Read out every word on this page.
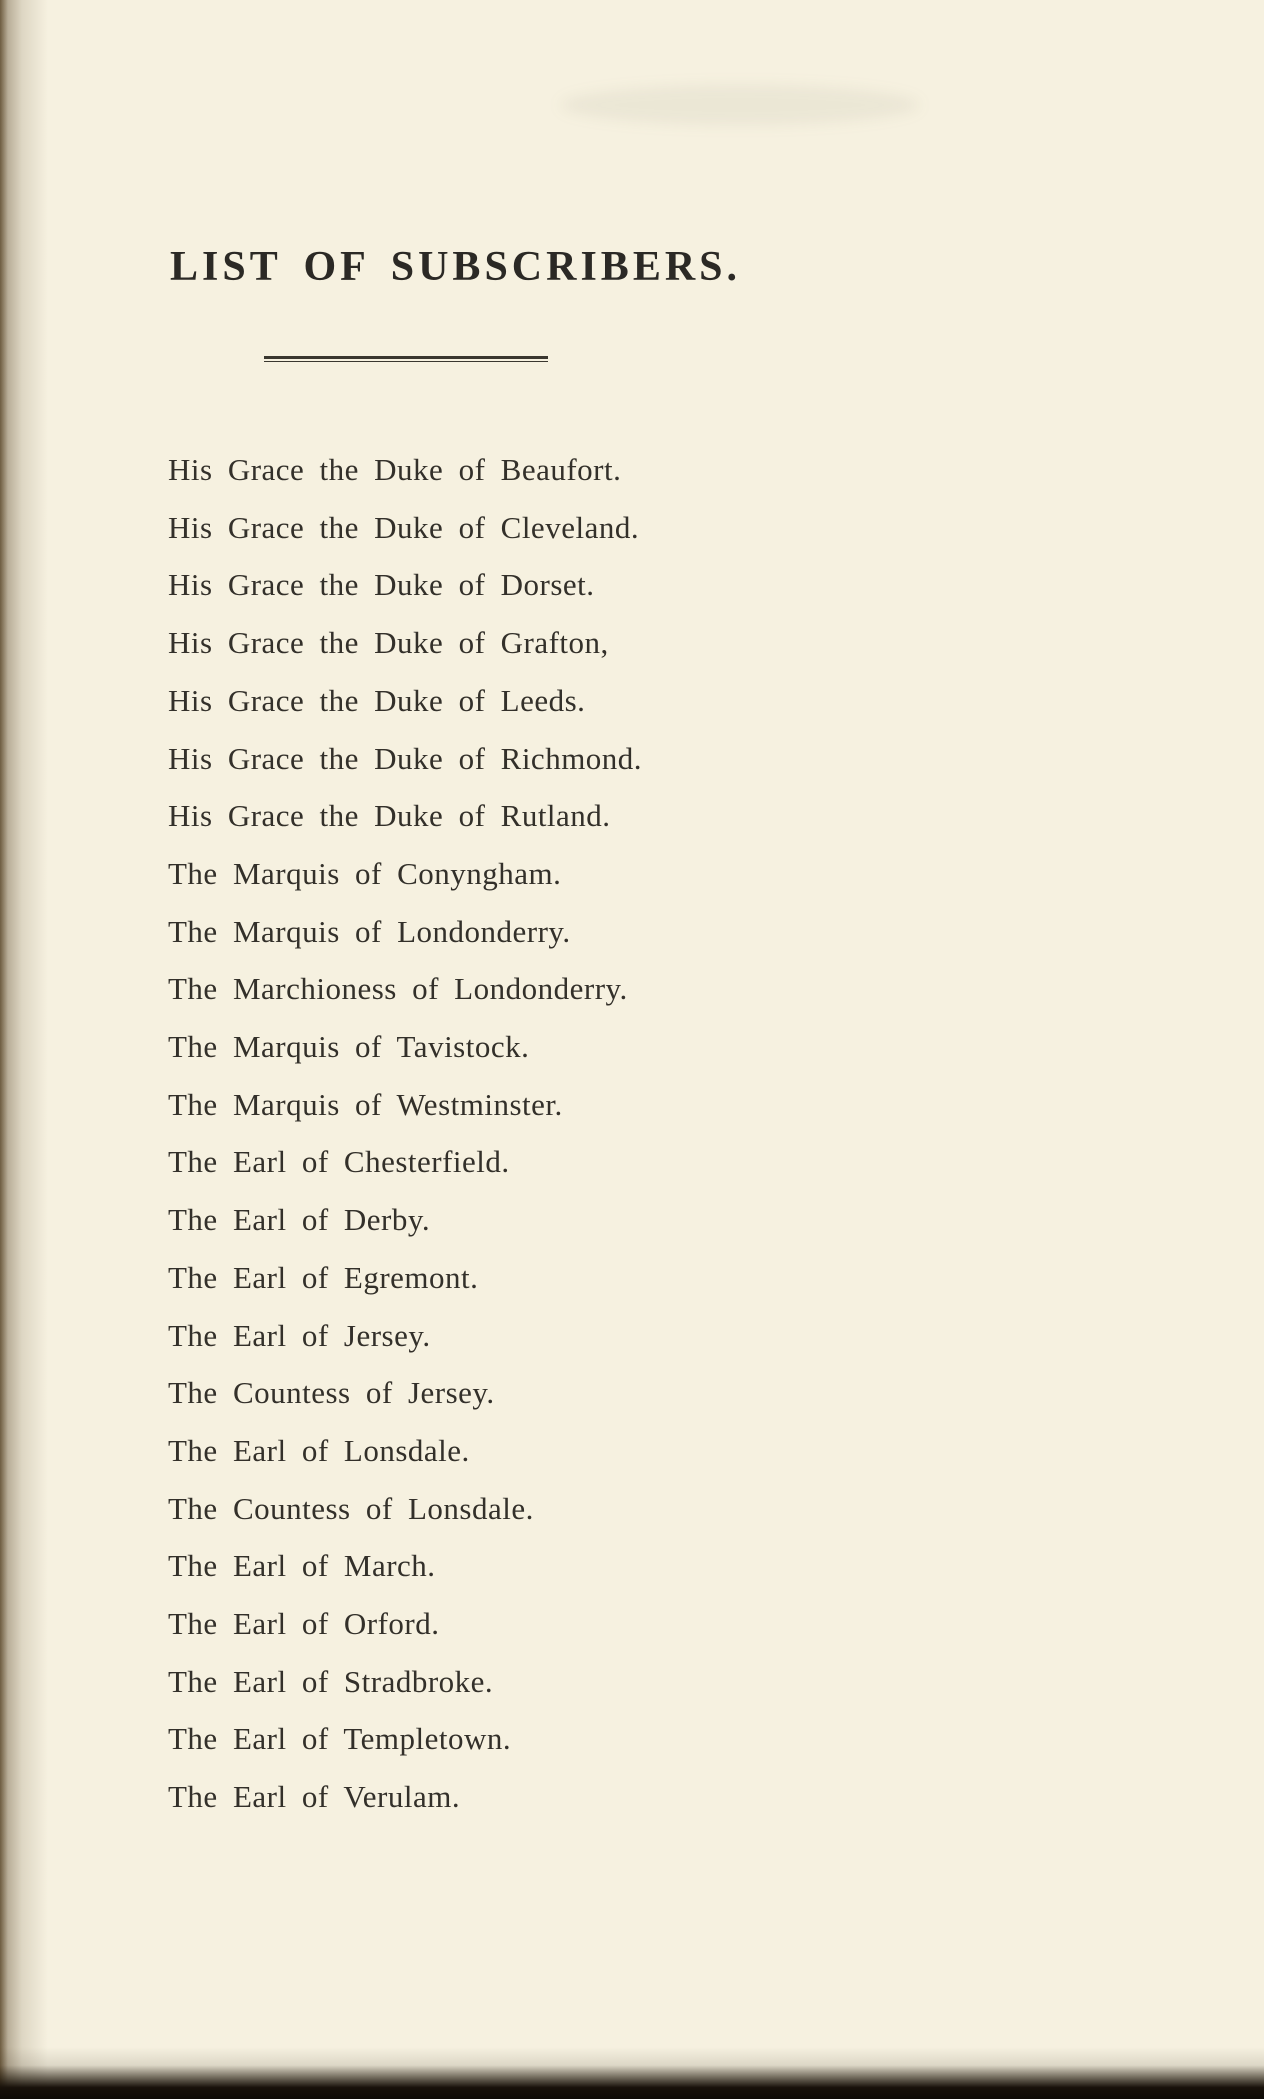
LIST OF SUBSCRIBERS.
His Grace the Duke of Beaufort.
His Grace the Duke of Cleveland.
His Grace the Duke of Dorset.
His Grace the Duke of Grafton,
His Grace the Duke of Leeds.
His Grace the Duke of Richmond.
His Grace the Duke of Rutland.
The Marquis of Conyngham.
The Marquis of Londonderry.
The Marchioness of Londonderry.
The Marquis of Tavistock.
The Marquis of Westminster.
The Earl of Chesterfield.
The Earl of Derby.
The Earl of Egremont.
The Earl of Jersey.
The Countess of Jersey.
The Earl of Lonsdale.
The Countess of Lonsdale.
The Earl of March.
The Earl of Orford.
The Earl of Stradbroke.
The Earl of Templetown.
The Earl of Verulam.
